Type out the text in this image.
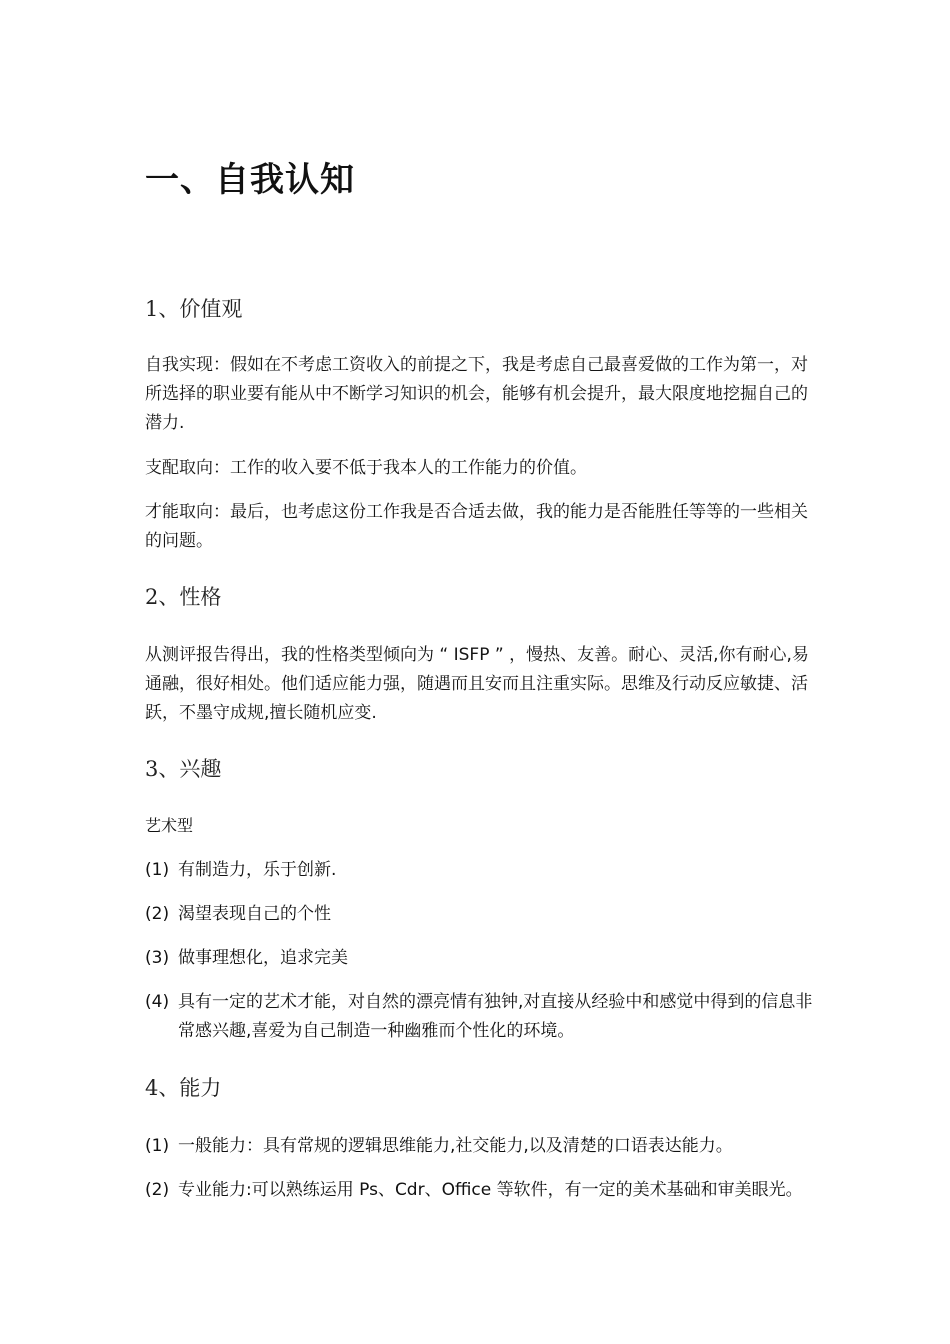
一、自我认知
1、价值观
自我实现：假如在不考虑工资收入的前提之下，我是考虑自己最喜爱做的工作为第一，对所选择的职业要有能从中不断学习知识的机会，能够有机会提升，最大限度地挖掘自己的潜力.
支配取向：工作的收入要不低于我本人的工作能力的价值。
才能取向：最后，也考虑这份工作我是否合适去做，我的能力是否能胜任等等的一些相关的问题。
2、性格
从测评报告得出，我的性格类型倾向为 “ ISFP ” ，慢热、友善。耐心、灵活,你有耐心,易通融，很好相处。他们适应能力强，随遇而且安而且注重实际。思维及行动反应敏捷、活跃，不墨守成规,擅长随机应变.
3、兴趣
艺术型
(1) 有制造力，乐于创新.
(2) 渴望表现自己的个性
(3) 做事理想化，追求完美
(4) 具有一定的艺术才能，对自然的漂亮情有独钟,对直接从经验中和感觉中得到的信息非常感兴趣,喜爱为自己制造一种幽雅而个性化的环境。
4、能力
(1) 一般能力：具有常规的逻辑思维能力,社交能力,以及清楚的口语表达能力。
(2) 专业能力:可以熟练运用 Ps、Cdr、Office 等软件，有一定的美术基础和审美眼光。
